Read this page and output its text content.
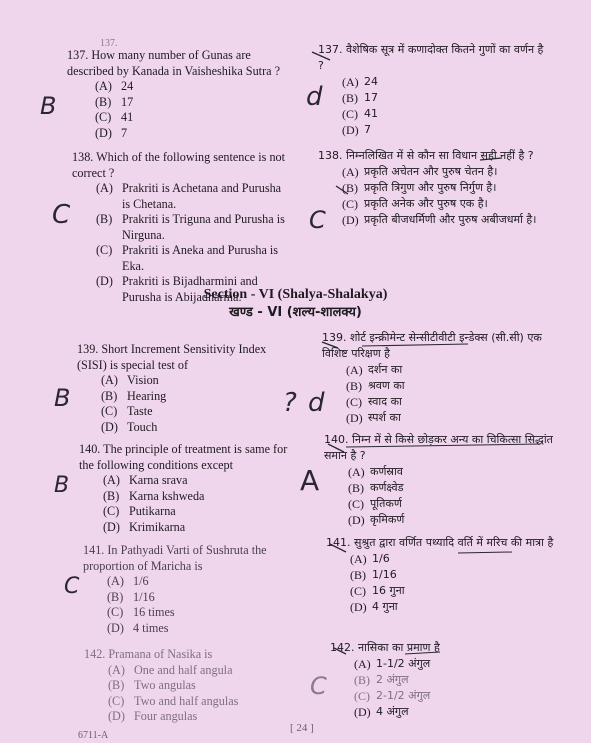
137.
137. How many number of Gunas are described by Kanada in Vaisheshika Sutra ?
(A) 24
(B) 17
(C) 41
(D) 7
138. Which of the following sentence is not correct ?
(A) Prakriti is Achetana and Purusha is Chetana.
(B) Prakriti is Triguna and Purusha is Nirguna.
(C) Prakriti is Aneka and Purusha is Eka.
(D) Prakriti is Bijadharmini and Purusha is Abijadharma.
Section - VI (Shalya-Shalakya)
खण्ड - VI (शल्य-शालक्य)
139. Short Increment Sensitivity Index (SISI) is special test of
(A) Vision
(B) Hearing
(C) Taste
(D) Touch
140. The principle of treatment is same for the following conditions except
(A) Karna srava
(B) Karna kshweda
(C) Putikarna
(D) Krimikarna
141. In Pathyadi Varti of Sushruta the proportion of Maricha is
(A) 1/6
(B) 1/16
(C) 16 times
(D) 4 times
142. Pramana of Nasika is
(A) One and half angula
(B) Two angulas
(C) Two and half angulas
(D) Four angulas
137. वैशेषिक सूत्र में कणादोक्त कितने गुणों का वर्णन है ?
(A) 24
(B) 17
(C) 41
(D) 7
138. निम्नलिखित में से कौन सा विधान सही नहीं है ?
(A) प्रकृति अचेतन और पुरुष चेतन है।
(B) प्रकृति त्रिगुण और पुरुष निर्गुण है।
(C) प्रकृति अनेक और पुरुष एक है।
(D) प्रकृति बीजधर्मिणी और पुरुष अबीजधर्मा है।
139. शोर्ट इन्क्रीमेन्ट सेन्सीटीवीटी इन्डेक्स (सी.सी) एक विशिष्ट परिक्षण है
(A) दर्शन का
(B) श्रवण का
(C) स्वाद का
(D) स्पर्श का
140. निम्न में से किसे छोड़कर अन्य का चिकित्सा सिद्धांत समान है ?
(A) कर्णस्राव
(B) कर्णक्ष्वेड
(C) पूतिकर्ण
(D) कृमिकर्ण
141. सुश्रुत द्वारा वर्णित पथ्यादि वर्ति में मरिच की मात्रा है
(A) 1/6
(B) 1/16
(C) 16 गुना
(D) 4 गुना
142. नासिका का प्रमाण है
(A) 1-1/2 अंगुल
(B) 2 अंगुल
(C) 2-1/2 अंगुल
(D) 4 अंगुल
B	d
C	C
B	? d
B	A
C
C
6711-A
[ 24 ]
